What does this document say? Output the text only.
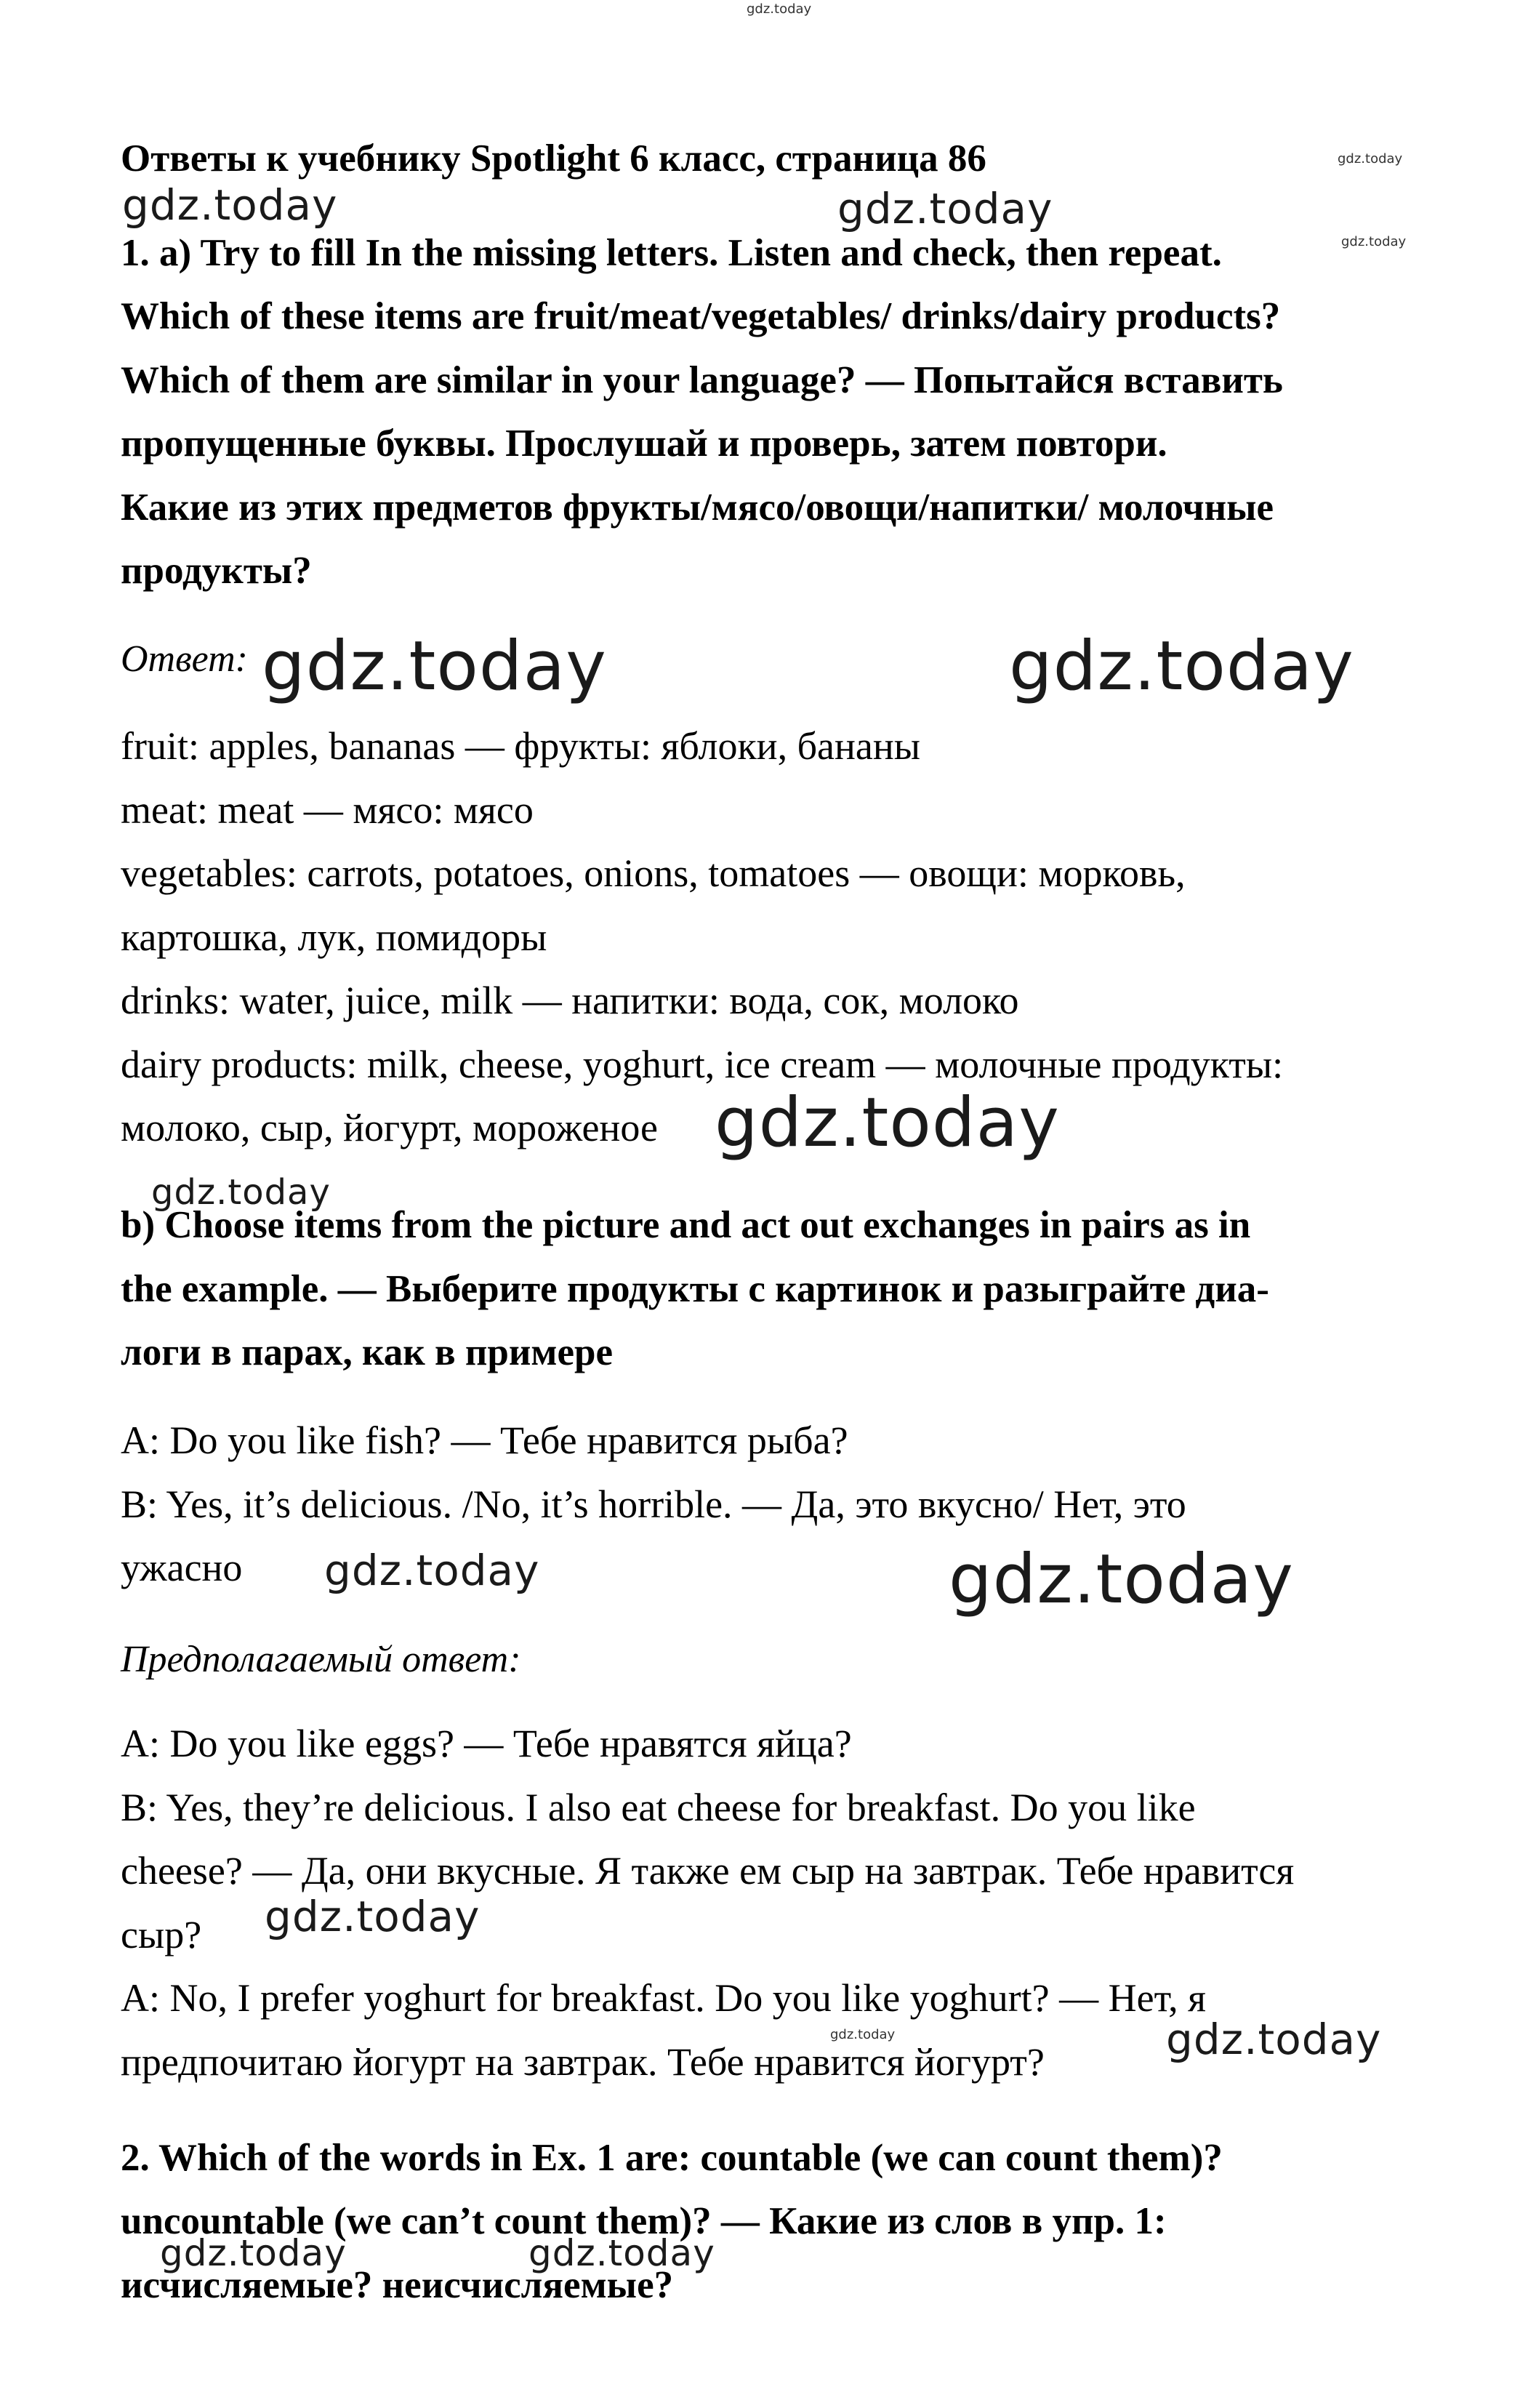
Ответы к учебнику Spotlight 6 класс, страница 86
1. a) Try to fill In the missing letters. Listen and check, then repeat.
Which of these items are fruit/meat/vegetables/ drinks/dairy products?
Which of them are similar in your language? — Попытайся вставить
пропущенные буквы. Прослушай и проверь, затем повтори.
Какие из этих предметов фрукты/мясо/овощи/напитки/ молочные
продукты?
Ответ:
fruit: apples, bananas — фрукты: яблоки, бананы
meat: meat — мясо: мясо
vegetables: carrots, potatoes, onions, tomatoes — овощи: морковь,
картошка, лук, помидоры
drinks: water, juice, milk — напитки: вода, сок, молоко
dairy products: milk, cheese, yoghurt, ice cream — молочные продукты:
молоко, сыр, йогурт, мороженое
b) Choose items from the picture and act out exchanges in pairs as in
the example. — Выберите продукты с картинок и разыграйте диа-
логи в парах, как в примере
A: Do you like fish? — Тебе нравится рыба?
B: Yes, it’s delicious. /No, it’s horrible. — Да, это вкусно/ Нет, это
ужасно
Предполагаемый ответ:
A: Do you like eggs? — Тебе нравятся яйца?
B: Yes, they’re delicious. I also eat cheese for breakfast. Do you like
cheese? — Да, они вкусные. Я также ем сыр на завтрак. Тебе нравится
сыр?
A: No, I prefer yoghurt for breakfast. Do you like yoghurt? — Нет, я
предпочитаю йогурт на завтрак. Тебе нравится йогурт?
2. Which of the words in Ex. 1 are: countable (we can count them)?
uncountable (we can’t count them)? — Какие из слов в упр. 1:
исчисляемые? неисчисляемые?
gdz.today
gdz.today
gdz.today
gdz.today
gdz.today	gdz.today
gdz.today	gdz.today
gdz.today
gdz.today
gdz.today	gdz.today
gdz.today
gdz.today
gdz.today	gdz.today
